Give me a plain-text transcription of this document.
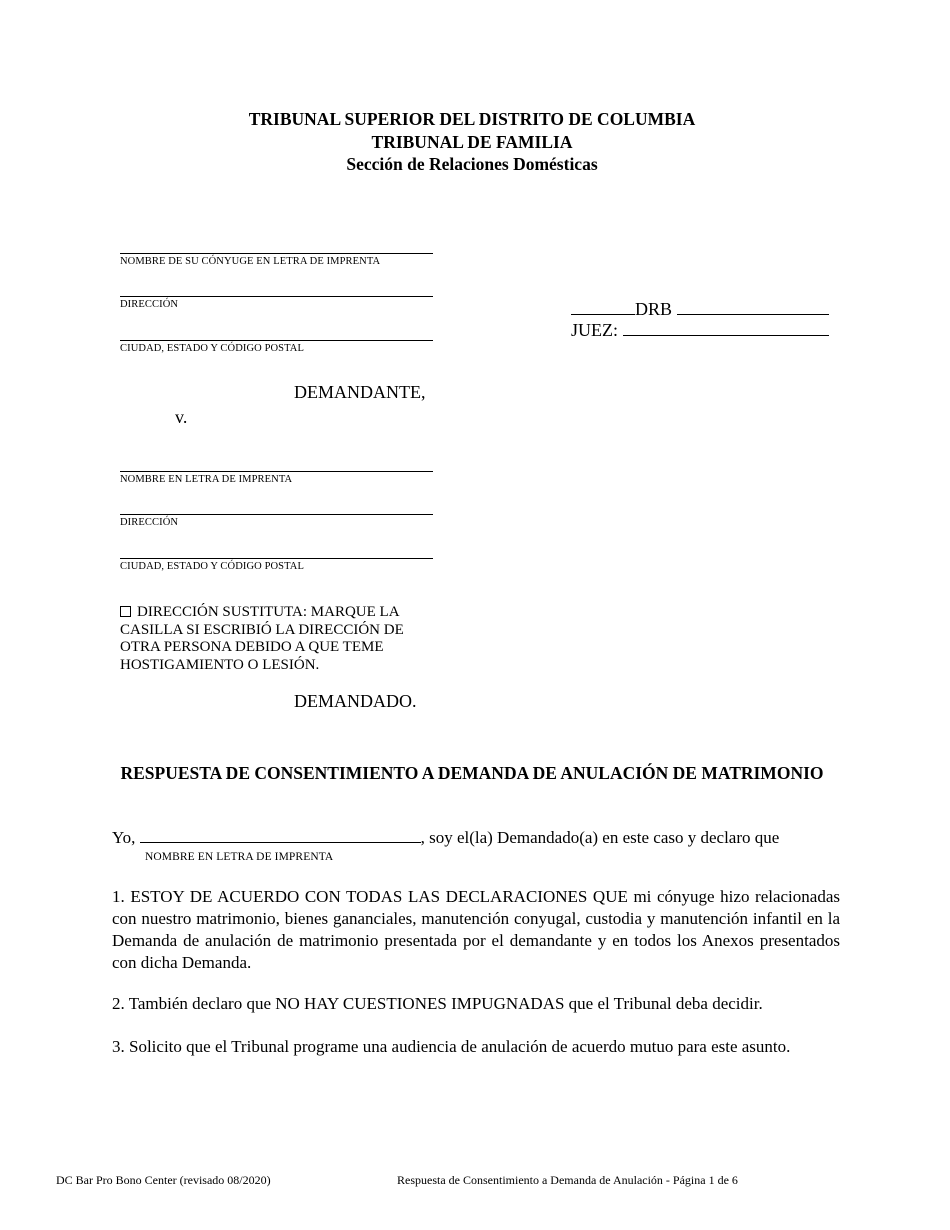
TRIBUNAL SUPERIOR DEL DISTRITO DE COLUMBIA
TRIBUNAL DE FAMILIA
Sección de Relaciones Domésticas
NOMBRE DE SU CÓNYUGE EN LETRA DE IMPRENTA
DIRECCIÓN
CIUDAD, ESTADO Y CÓDIGO POSTAL
DEMANDANTE,
v.
DRB
JUEZ:
NOMBRE EN LETRA DE IMPRENTA
DIRECCIÓN
CIUDAD, ESTADO Y CÓDIGO POSTAL
DIRECCIÓN SUSTITUTA: MARQUE LA CASILLA SI ESCRIBIÓ LA DIRECCIÓN DE OTRA PERSONA DEBIDO A QUE TEME HOSTIGAMIENTO O LESIÓN.
DEMANDADO.
RESPUESTA DE CONSENTIMIENTO A DEMANDA DE ANULACIÓN DE MATRIMONIO
Yo,	, soy el(la) Demandado(a) en este caso y declaro que
NOMBRE EN LETRA DE IMPRENTA
1. ESTOY DE ACUERDO CON TODAS LAS DECLARACIONES QUE mi cónyuge hizo relacionadas con nuestro matrimonio, bienes gananciales, manutención conyugal, custodia y manutención infantil en la Demanda de anulación de matrimonio presentada por el demandante y en todos los Anexos presentados con dicha Demanda.
2. También declaro que NO HAY CUESTIONES IMPUGNADAS que el Tribunal deba decidir.
3. Solicito que el Tribunal programe una audiencia de anulación de acuerdo mutuo para este asunto.
DC Bar Pro Bono Center (revisado 08/2020)	Respuesta de Consentimiento a Demanda de Anulación - Página 1 de 6
